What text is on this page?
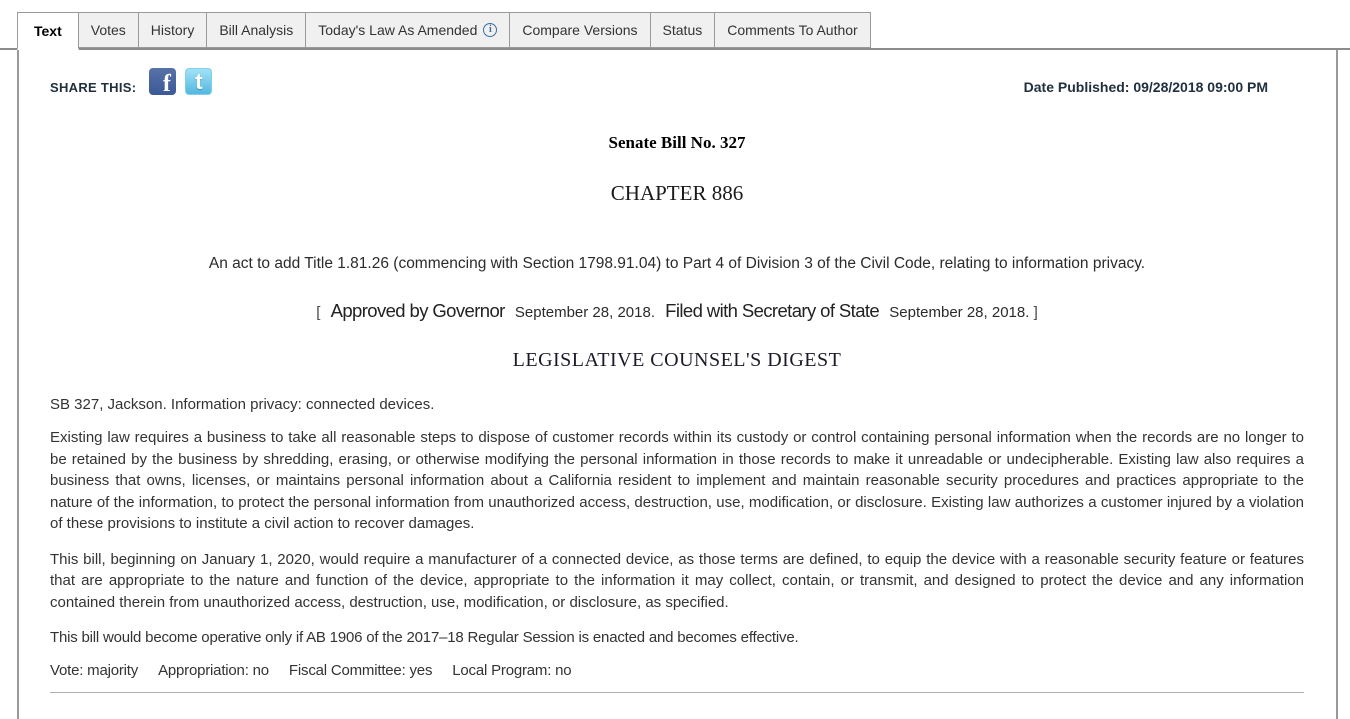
Text	Votes	History	Bill Analysis	Today's Law As Amended	i	Compare Versions	Status	Comments To Author
SHARE THIS: f t	Date Published: 09/28/2018 09:00 PM
Senate Bill No. 327
CHAPTER 886
An act to add Title 1.81.26 (commencing with Section 1798.91.04) to Part 4 of Division 3 of the Civil Code, relating to information privacy.
[ Approved by Governor September 28, 2018. Filed with Secretary of State September 28, 2018. ]
LEGISLATIVE COUNSEL'S DIGEST

SB 327, Jackson. Information privacy: connected devices.

Existing law requires a business to take all reasonable steps to dispose of customer records within its custody or control containing personal information when the records are no longer to be retained by the business by shredding, erasing, or otherwise modifying the personal information in those records to make it unreadable or undecipherable. Existing law also requires a business that owns, licenses, or maintains personal information about a California resident to implement and maintain reasonable security procedures and practices appropriate to the nature of the information, to protect the personal information from unauthorized access, destruction, use, modification, or disclosure. Existing law authorizes a customer injured by a violation of these provisions to institute a civil action to recover damages.

This bill, beginning on January 1, 2020, would require a manufacturer of a connected device, as those terms are defined, to equip the device with a reasonable security feature or features that are appropriate to the nature and function of the device, appropriate to the information it may collect, contain, or transmit, and designed to protect the device and any information contained therein from unauthorized access, destruction, use, modification, or disclosure, as specified.

This bill would become operative only if AB 1906 of the 2017–18 Regular Session is enacted and becomes effective.

Vote: majority Appropriation: no Fiscal Committee: yes Local Program: no
